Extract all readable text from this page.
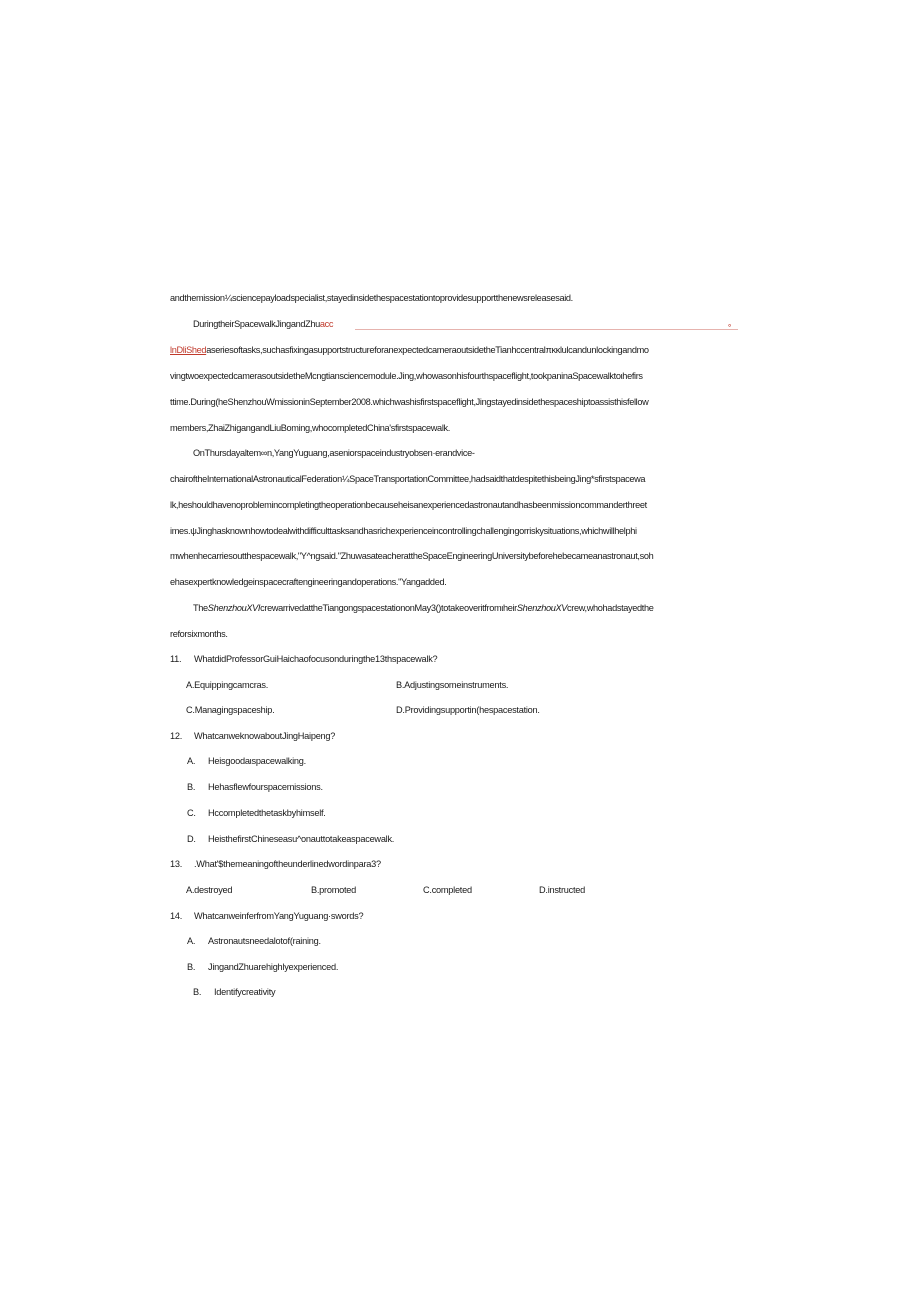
andthemission¼sciencepayloadspecialist,stayedinsidethespacestationtoprovidesupportthenewsreleasesaid.
DuringtheirSpacewalkJingandZhuacc	∘
lnDliShedaseriesoftasks,suchasfixingasupportstructureforanexpectedcameraoutsidetheTianhccentralπκκlulcandunlockingandmo
vingtwoexpectedcamerasoutsidetheMcngtiansciencemodule.Jing,whowasonhisfourthspaceflight,tookpaninaSpacewalktoιhefirs
ttime.During(heShenzhouWmissioninSeptember2008.whichwashisfirstspaceflight,Jingstayedinsidethespaceshiptoassisthisfellow
members,ZhaiZhigangandLiuBoming,whocompletedChina'sfirstspacewalk.
OnThursdayaltem∞n,YangYuguang,aseniorspaceindustryobsen·erandvice-
chairoftheInternationalAstronauticalFederation¼SpaceTransportationCommittee,hadsaidthatdespitethisbeingJing*sfirstspacewa
lk,heshouldhavenoproblemincompletingtheoperationbecauseheisanexperiencedastronautandhasbeenmissioncommanderthreet
imes.ψJinghasknownhowtodealwithdifficulttasksandhasrichexperienceincontrollingchallengingorriskysituations,whichwillhelphi
mwhenhecarriesoutthespacewalk,"Y^ngsaid."ZhuwasateacherattheSpaceEngineeringUniversitybeforehebecameanastronaut,soh
ehasexpertknowledgeinspacecraftengineeringandoperations."Yangadded.
TheShenzhouXVIcrewarrivedattheTiangongspacestationonMay3()totakeoveritfromιheirShenzhouXVcrew,whohadstayedthe
reforsixmonths.
11. WhatdidProfessorGuiHaichaofocusonduringthe13thspacewalk?
A.Equippingcamcras.	B.Adjustingsomeinstruments.
C.Managingspaceship.	D.Providingsupportin(hespacestation.
12. WhatcanweknowaboutJingHaipeng?
A. Heisgoodaιspacewalking.
B. Hehasflewfourspacemissions.
C. Hccompletedthetaskbyhimself.
D. HeisthefirstChineseasu^onauttotakeaspacewalk.
13. .What'$themeaningoftheunderlinedwordinpara3?
A.destroyed	B.promoted	C.completed	D.instructed
14. WhatcanweinferfromYangYuguang·swords?
A. Astronautsneedalotof(raining.
B. JingandZhuarehighlyexperienced.
B. Identifycreativity
